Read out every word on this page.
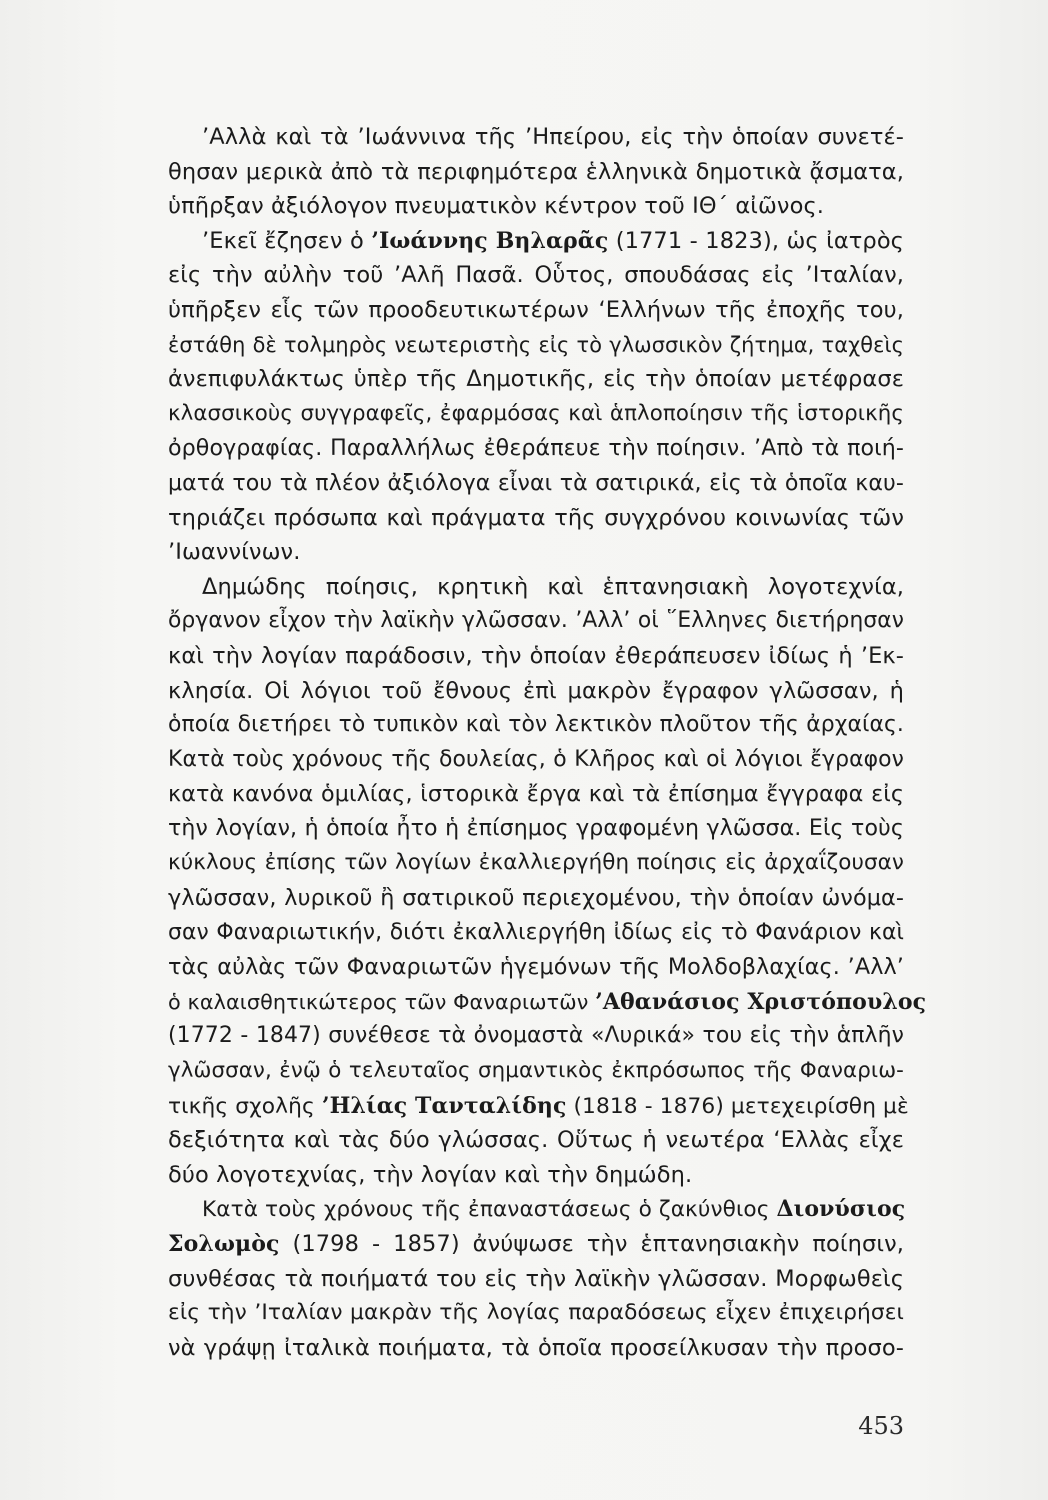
’Αλλὰ καὶ τὰ ’Ιωάννινα τῆς ’Ηπείρου, εἰς τὴν ὁποίαν συνετέ-
θησαν μερικὰ ἀπὸ τὰ περιφημότερα ἑλληνικὰ δημοτικὰ ᾄσματα,
ὑπῆρξαν ἀξιόλογον πνευματικὸν κέντρον τοῦ ΙΘ΄ αἰῶνος.
’Εκεῖ ἔζησεν ὁ ’Ιωάννης Βηλαρᾶς (1771 - 1823), ὡς ἰατρὸς
εἰς τὴν αὐλὴν τοῦ ’Αλῆ Πασᾶ. Οὗτος, σπουδάσας εἰς ’Ιταλίαν,
ὑπῆρξεν εἷς τῶν προοδευτικωτέρων ‘Ελλήνων τῆς ἐποχῆς του,
ἐστάθη δὲ τολμηρὸς νεωτεριστὴς εἰς τὸ γλωσσικὸν ζήτημα, ταχθεὶς
ἀνεπιφυλάκτως ὑπὲρ τῆς Δημοτικῆς, εἰς τὴν ὁποίαν μετέφρασε
κλασσικοὺς συγγραφεῖς, ἐφαρμόσας καὶ ἁπλοποίησιν τῆς ἱστορικῆς
ὀρθογραφίας. Παραλλήλως ἐθεράπευε τὴν ποίησιν. ’Απὸ τὰ ποιή-
ματά του τὰ πλέον ἀξιόλογα εἶναι τὰ σατιρικά, εἰς τὰ ὁποῖα καυ-
τηριάζει πρόσωπα καὶ πράγματα τῆς συγχρόνου κοινωνίας τῶν
’Ιωαννίνων.
Δημώδης ποίησις, κρητικὴ καὶ ἑπτανησιακὴ λογοτεχνία,
ὄργανον εἶχον τὴν λαϊκὴν γλῶσσαν. ’Αλλ’ οἱ ῞Ελληνες διετήρησαν
καὶ τὴν λογίαν παράδοσιν, τὴν ὁποίαν ἐθεράπευσεν ἰδίως ἡ ’Εκ-
κλησία. Οἱ λόγιοι τοῦ ἔθνους ἐπὶ μακρὸν ἔγραφον γλῶσσαν, ἡ
ὁποία διετήρει τὸ τυπικὸν καὶ τὸν λεκτικὸν πλοῦτον τῆς ἀρχαίας.
Κατὰ τοὺς χρόνους τῆς δουλείας, ὁ Κλῆρος καὶ οἱ λόγιοι ἔγραφον
κατὰ κανόνα ὁμιλίας, ἱστορικὰ ἔργα καὶ τὰ ἐπίσημα ἔγγραφα εἰς
τὴν λογίαν, ἡ ὁποία ἦτο ἡ ἐπίσημος γραφομένη γλῶσσα. Εἰς τοὺς
κύκλους ἐπίσης τῶν λογίων ἐκαλλιεργήθη ποίησις εἰς ἀρχαΐζουσαν
γλῶσσαν, λυρικοῦ ἢ σατιρικοῦ περιεχομένου, τὴν ὁποίαν ὠνόμα-
σαν Φαναριωτικήν, διότι ἐκαλλιεργήθη ἰδίως εἰς τὸ Φανάριον καὶ
τὰς αὐλὰς τῶν Φαναριωτῶν ἡγεμόνων τῆς Μολδοβλαχίας. ’Αλλ’
ὁ καλαισθητικώτερος τῶν Φαναριωτῶν ’Αθανάσιος Χριστόπουλος
(1772 - 1847) συνέθεσε τὰ ὀνομαστὰ «Λυρικά» του εἰς τὴν ἁπλῆν
γλῶσσαν, ἐνῷ ὁ τελευταῖος σημαντικὸς ἐκπρόσωπος τῆς Φαναριω-
τικῆς σχολῆς ’Ηλίας Τανταλίδης (1818 - 1876) μετεχειρίσθη μὲ
δεξιότητα καὶ τὰς δύο γλώσσας. Οὕτως ἡ νεωτέρα ‘Ελλὰς εἶχε
δύο λογοτεχνίας, τὴν λογίαν καὶ τὴν δημώδη.
Κατὰ τοὺς χρόνους τῆς ἐπαναστάσεως ὁ ζακύνθιος Διονύσιος
Σολωμὸς (1798 - 1857) ἀνύψωσε τὴν ἑπτανησιακὴν ποίησιν,
συνθέσας τὰ ποιήματά του εἰς τὴν λαϊκὴν γλῶσσαν. Μορφωθεὶς
εἰς τὴν ’Ιταλίαν μακρὰν τῆς λογίας παραδόσεως εἶχεν ἐπιχειρήσει
νὰ γράψῃ ἰταλικὰ ποιήματα, τὰ ὁποῖα προσείλκυσαν τὴν προσο-
453
